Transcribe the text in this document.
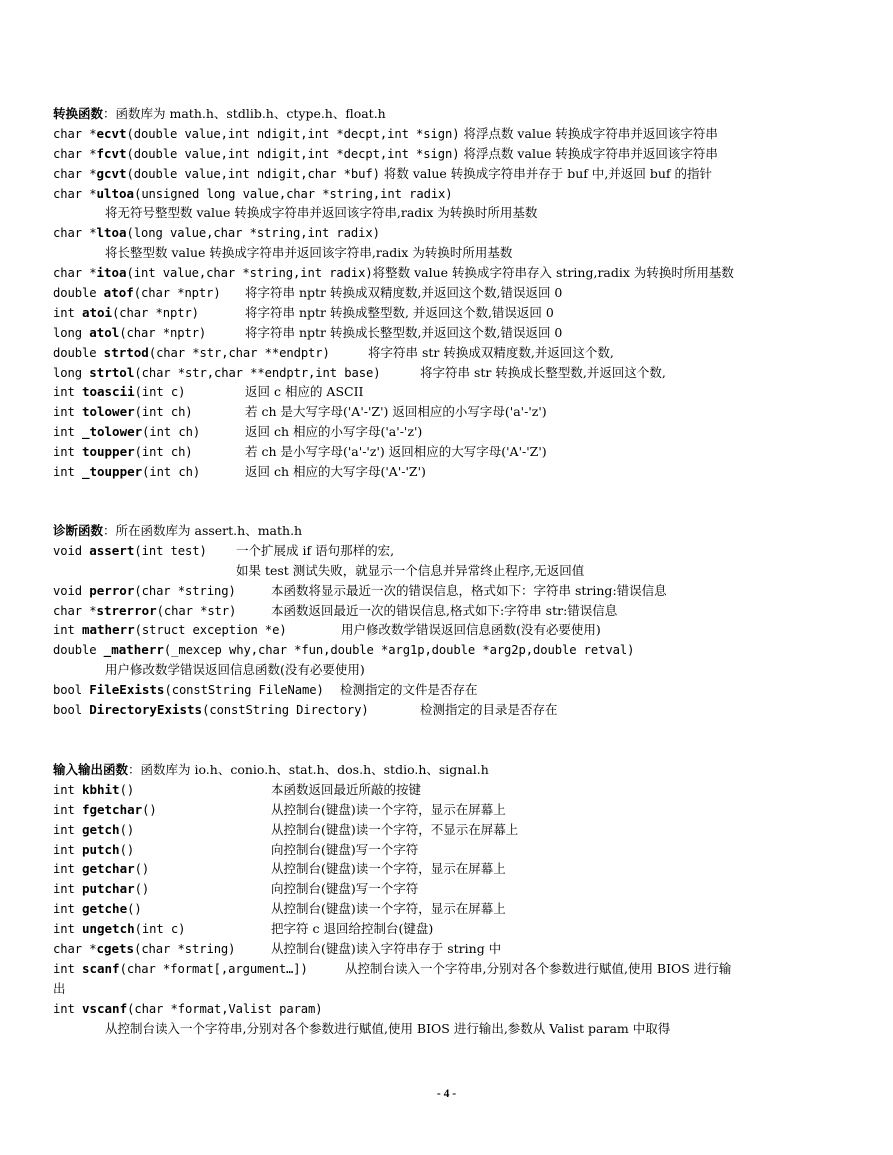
转换函数：函数库为 math.h、stdlib.h、ctype.h、float.h
char *ecvt(double value,int ndigit,int *decpt,int *sign) 将浮点数 value 转换成字符串并返回该字符串
char *fcvt(double value,int ndigit,int *decpt,int *sign) 将浮点数 value 转换成字符串并返回该字符串
char *gcvt(double value,int ndigit,char *buf) 将数 value 转换成字符串并存于 buf 中,并返回 buf 的指针
char *ultoa(unsigned long value,char *string,int radix)
将无符号整型数 value 转换成字符串并返回该字符串,radix 为转换时所用基数
char *ltoa(long value,char *string,int radix)
将长整型数 value 转换成字符串并返回该字符串,radix 为转换时所用基数
char *itoa(int value,char *string,int radix)将整数 value 转换成字符串存入 string,radix 为转换时所用基数
double atof(char *nptr) 将字符串 nptr 转换成双精度数,并返回这个数,错误返回 0
int atoi(char *nptr)	将字符串 nptr 转换成整型数, 并返回这个数,错误返回 0
long atol(char *nptr)	将字符串 nptr 转换成长整型数,并返回这个数,错误返回 0
double strtod(char *str,char **endptr)	将字符串 str 转换成双精度数,并返回这个数,
long strtol(char *str,char **endptr,int base)	将字符串 str 转换成长整型数,并返回这个数,
int toascii(int c)	返回 c 相应的 ASCII
int tolower(int ch)	若 ch 是大写字母('A'-'Z') 返回相应的小写字母('a'-'z')
int _tolower(int ch)	返回 ch 相应的小写字母('a'-'z')
int toupper(int ch)	若 ch 是小写字母('a'-'z') 返回相应的大写字母('A'-'Z')
int _toupper(int ch)	返回 ch 相应的大写字母('A'-'Z')
诊断函数：所在函数库为 assert.h、math.h
void assert(int test) 一个扩展成 if 语句那样的宏,
如果 test 测试失败，就显示一个信息并异常终止程序,无返回值
void perror(char *string)	本函数将显示最近一次的错误信息，格式如下：字符串 string:错误信息
char *strerror(char *str)	本函数返回最近一次的错误信息,格式如下:字符串 str:错误信息
int matherr(struct exception *e)	用户修改数学错误返回信息函数(没有必要使用)
double _matherr(_mexcep why,char *fun,double *arg1p,double *arg2p,double retval)
用户修改数学错误返回信息函数(没有必要使用)
bool FileExists(constString FileName) 检测指定的文件是否存在
bool DirectoryExists(constString Directory)	检测指定的目录是否存在
输入输出函数：函数库为 io.h、conio.h、stat.h、dos.h、stdio.h、signal.h
int kbhit()	本函数返回最近所敲的按键
int fgetchar()	从控制台(键盘)读一个字符，显示在屏幕上
int getch()	从控制台(键盘)读一个字符，不显示在屏幕上
int putch()	向控制台(键盘)写一个字符
int getchar()	从控制台(键盘)读一个字符，显示在屏幕上
int putchar()	向控制台(键盘)写一个字符
int getche()	从控制台(键盘)读一个字符，显示在屏幕上
int ungetch(int c)	把字符 c 退回给控制台(键盘)
char *cgets(char *string)	从控制台(键盘)读入字符串存于 string 中
int scanf(char *format[,argument…])	从控制台读入一个字符串,分别对各个参数进行赋值,使用 BIOS 进行输
出
int vscanf(char *format,Valist param)
从控制台读入一个字符串,分别对各个参数进行赋值,使用 BIOS 进行输出,参数从 Valist param 中取得
- 4 -
